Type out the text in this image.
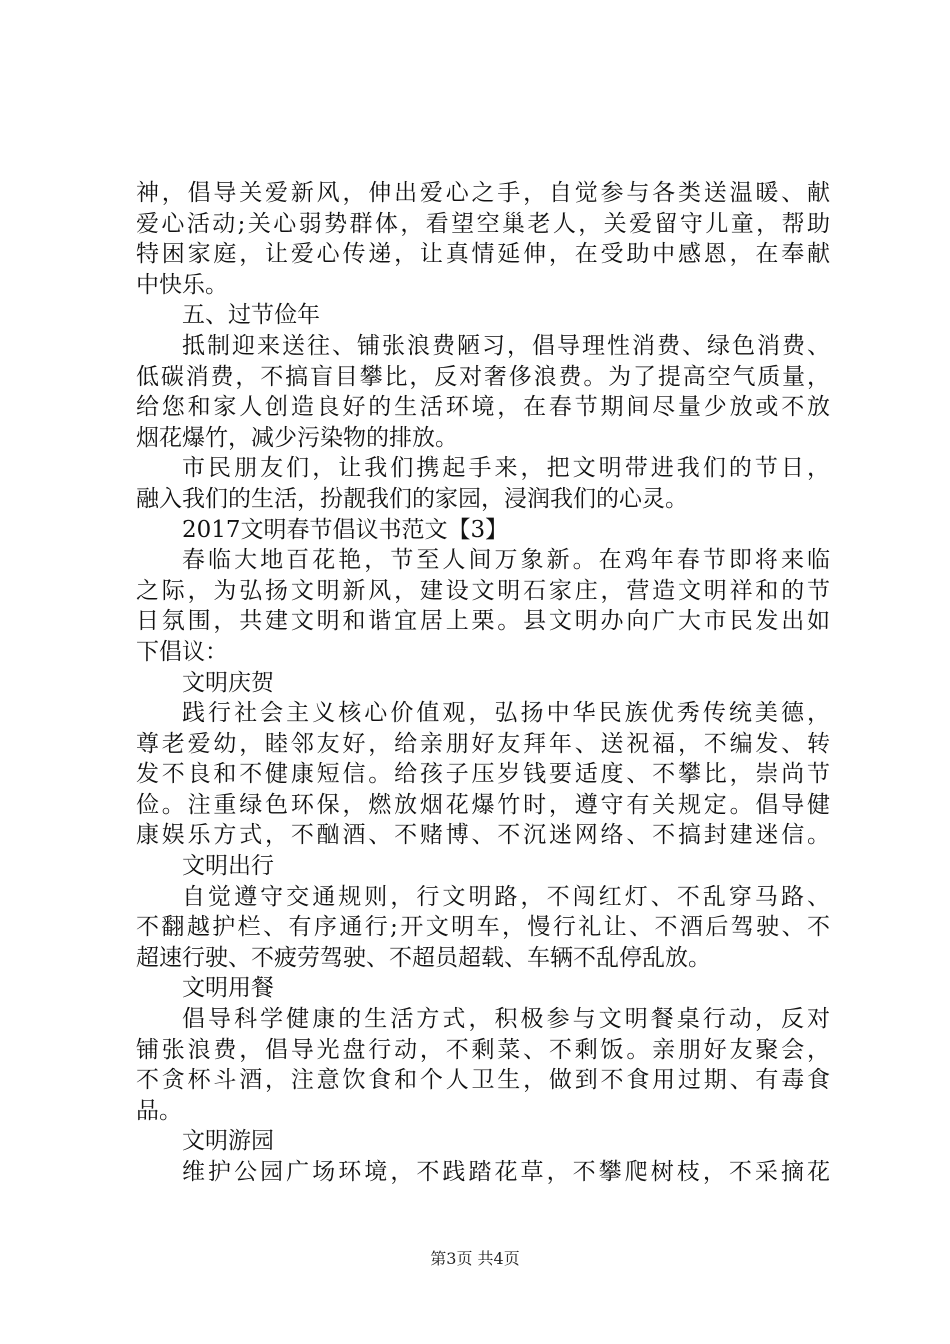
神，倡导关爱新风，伸出爱心之手，自觉参与各类送温暖、献
爱心活动;关心弱势群体，看望空巢老人，关爱留守儿童，帮助
特困家庭，让爱心传递，让真情延伸，在受助中感恩，在奉献
中快乐。
五、过节俭年
抵制迎来送往、铺张浪费陋习，倡导理性消费、绿色消费、
低碳消费，不搞盲目攀比，反对奢侈浪费。为了提高空气质量，
给您和家人创造良好的生活环境，在春节期间尽量少放或不放
烟花爆竹，减少污染物的排放。
市民朋友们，让我们携起手来，把文明带进我们的节日，
融入我们的生活，扮靓我们的家园，浸润我们的心灵。
2017文明春节倡议书范文【3】
春临大地百花艳，节至人间万象新。在鸡年春节即将来临
之际，为弘扬文明新风，建设文明石家庄，营造文明祥和的节
日氛围，共建文明和谐宜居上栗。县文明办向广大市民发出如
下倡议：
文明庆贺
践行社会主义核心价值观，弘扬中华民族优秀传统美德，
尊老爱幼，睦邻友好，给亲朋好友拜年、送祝福，不编发、转
发不良和不健康短信。给孩子压岁钱要适度、不攀比，崇尚节
俭。注重绿色环保，燃放烟花爆竹时，遵守有关规定。倡导健
康娱乐方式，不酗酒、不赌博、不沉迷网络、不搞封建迷信。
文明出行
自觉遵守交通规则，行文明路，不闯红灯、不乱穿马路、
不翻越护栏、有序通行;开文明车，慢行礼让、不酒后驾驶、不
超速行驶、不疲劳驾驶、不超员超载、车辆不乱停乱放。
文明用餐
倡导科学健康的生活方式，积极参与文明餐桌行动，反对
铺张浪费，倡导光盘行动，不剩菜、不剩饭。亲朋好友聚会，
不贪杯斗酒，注意饮食和个人卫生，做到不食用过期、有毒食
品。
文明游园
维护公园广场环境，不践踏花草，不攀爬树枝，不采摘花
第3页 共4页
